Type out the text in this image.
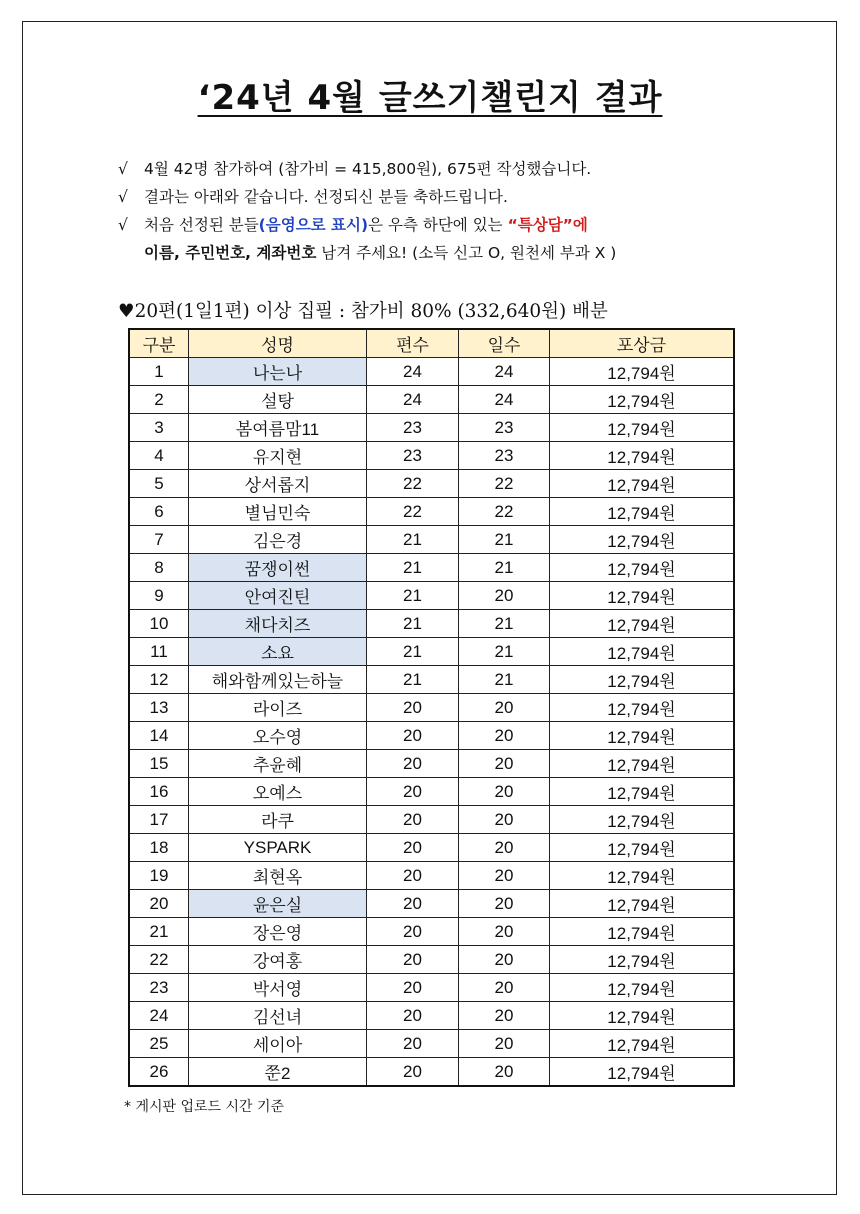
‘24년 4월 글쓰기챌린지 결과
√ 4월 42명 참가하여 (참가비 = 415,800원), 675편 작성했습니다.
√ 결과는 아래와 같습니다. 선정되신 분들 축하드립니다.
√ 처음 선정된 분들(음영으로 표시)은 우측 하단에 있는 “특상담”에
이름, 주민번호, 계좌번호 남겨 주세요! (소득 신고 O, 원천세 부과 X )
♥20편(1일1편) 이상 집필 : 참가비 80% (332,640원) 배분
구분	성명	편수	일수	포상금
1	나는나	24	24	12,794원
2	설탕	24	24	12,794원
3	봄여름맘11	23	23	12,794원
4	유지현	23	23	12,794원
5	상서롭지	22	22	12,794원
6	별님민숙	22	22	12,794원
7	김은경	21	21	12,794원
8	꿈쟁이썬	21	21	12,794원
9	안여진틴	21	20	12,794원
10	채다치즈	21	21	12,794원
11	소요	21	21	12,794원
12	해와함께있는하늘	21	21	12,794원
13	라이즈	20	20	12,794원
14	오수영	20	20	12,794원
15	추윤혜	20	20	12,794원
16	오예스	20	20	12,794원
17	라쿠	20	20	12,794원
18	YSPARK	20	20	12,794원
19	최현옥	20	20	12,794원
20	윤은실	20	20	12,794원
21	장은영	20	20	12,794원
22	강여홍	20	20	12,794원
23	박서영	20	20	12,794원
24	김선녀	20	20	12,794원
25	세이아	20	20	12,794원
26	쭌2	20	20	12,794원
* 게시판 업로드 시간 기준
